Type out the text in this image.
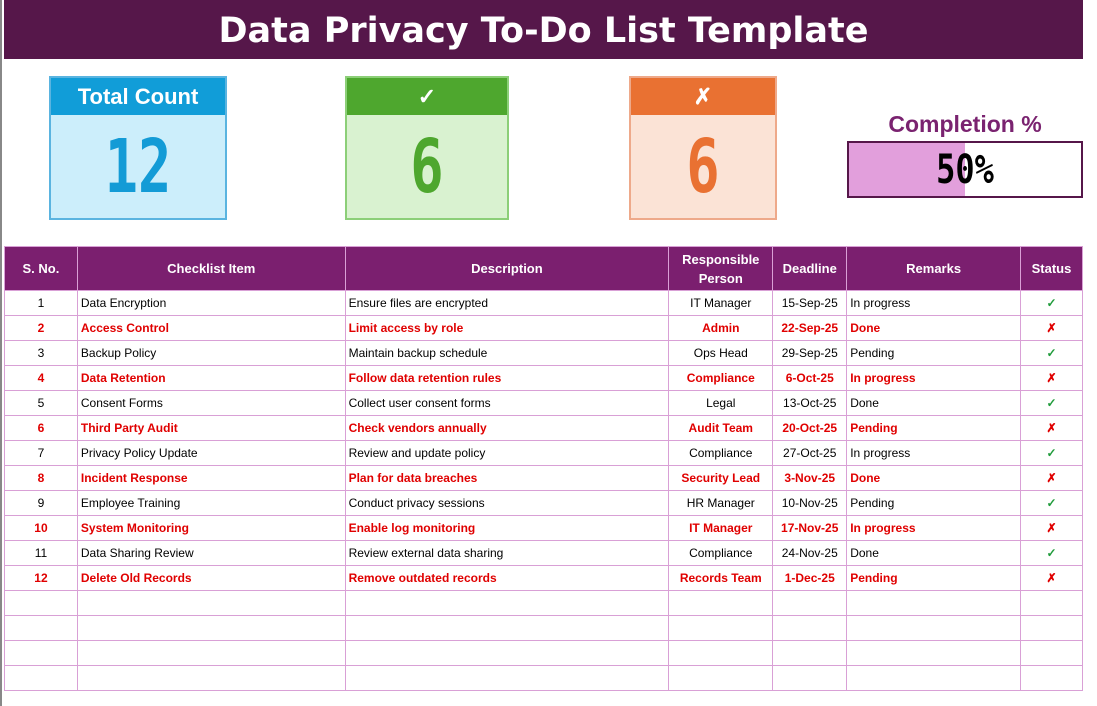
Data Privacy To-Do List Template
Total Count
12
✓
6
✗
6	Completion %
50%
S. No.	Checklist Item	Description	Responsible Person	Deadline	Remarks	Status
1	Data Encryption	Ensure files are encrypted	IT Manager	15-Sep-25	In progress	✓
2	Access Control	Limit access by role	Admin	22-Sep-25	Done	✗
3	Backup Policy	Maintain backup schedule	Ops Head	29-Sep-25	Pending	✓
4	Data Retention	Follow data retention rules	Compliance	6-Oct-25	In progress	✗
5	Consent Forms	Collect user consent forms	Legal	13-Oct-25	Done	✓
6	Third Party Audit	Check vendors annually	Audit Team	20-Oct-25	Pending	✗
7	Privacy Policy Update	Review and update policy	Compliance	27-Oct-25	In progress	✓
8	Incident Response	Plan for data breaches	Security Lead	3-Nov-25	Done	✗
9	Employee Training	Conduct privacy sessions	HR Manager	10-Nov-25	Pending	✓
10	System Monitoring	Enable log monitoring	IT Manager	17-Nov-25	In progress	✗
11	Data Sharing Review	Review external data sharing	Compliance	24-Nov-25	Done	✓
12	Delete Old Records	Remove outdated records	Records Team	1-Dec-25	Pending	✗
